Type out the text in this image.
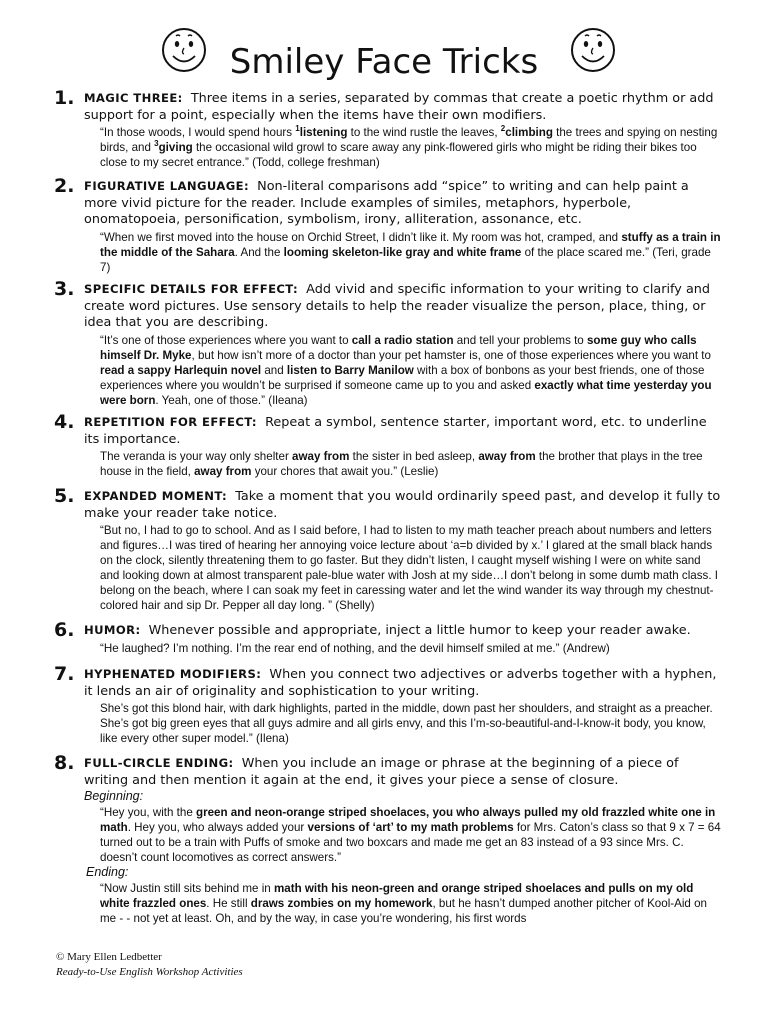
Smiley Face Tricks
1. MAGIC THREE: Three items in a series, separated by commas that create a poetic rhythm or add support for a point, especially when the items have their own modifiers.
“In those woods, I would spend hours $^1$listening to the wind rustle the leaves, $^2$climbing the trees and spying on nesting birds, and $^3$giving the occasional wild growl to scare away any pink-flowered girls who might be riding their bikes too close to my secret entrance.” (Todd, college freshman)
2. FIGURATIVE LANGUAGE: Non-literal comparisons add “spice” to writing and can help paint a more vivid picture for the reader. Include examples of similes, metaphors, hyperbole, onomatopoeia, personification, symbolism, irony, alliteration, assonance, etc.
“When we first moved into the house on Orchid Street, I didn’t like it. My room was hot, cramped, and stuffy as a train in the middle of the Sahara. And the looming skeleton-like gray and white frame of the place scared me.” (Teri, grade 7)
3. SPECIFIC DETAILS FOR EFFECT: Add vivid and specific information to your writing to clarify and create word pictures. Use sensory details to help the reader visualize the person, place, thing, or idea that you are describing.
“It’s one of those experiences where you want to call a radio station and tell your problems to some guy who calls himself Dr. Myke, but how isn’t more of a doctor than your pet hamster is, one of those experiences where you want to read a sappy Harlequin novel and listen to Barry Manilow with a box of bonbons as your best friends, one of those experiences where you wouldn’t be surprised if someone came up to you and asked exactly what time yesterday you were born. Yeah, one of those.” (Ileana)
4. REPETITION FOR EFFECT: Repeat a symbol, sentence starter, important word, etc. to underline its importance.
The veranda is your way only shelter away from the sister in bed asleep, away from the brother that plays in the tree house in the field, away from your chores that await you.” (Leslie)
5. EXPANDED MOMENT: Take a moment that you would ordinarily speed past, and develop it fully to make your reader take notice.
“But no, I had to go to school. And as I said before, I had to listen to my math teacher preach about numbers and letters and figures…I was tired of hearing her annoying voice lecture about ‘a=b divided by x.’ I glared at the small black hands on the clock, silently threatening them to go faster. But they didn’t listen, I caught myself wishing I were on white sand and looking down at almost transparent pale-blue water with Josh at my side…I don’t belong in some dumb math class. I belong on the beach, where I can soak my feet in caressing water and let the wind wander its way through my chestnut-colored hair and sip Dr. Pepper all day long. ” (Shelly)
6. HUMOR: Whenever possible and appropriate, inject a little humor to keep your reader awake.
“He laughed? I’m nothing. I’m the rear end of nothing, and the devil himself smiled at me.” (Andrew)
7. HYPHENATED MODIFIERS: When you connect two adjectives or adverbs together with a hyphen, it lends an air of originality and sophistication to your writing.
She’s got this blond hair, with dark highlights, parted in the middle, down past her shoulders, and straight as a preacher. She’s got big green eyes that all guys admire and all girls envy, and this I’m-so-beautiful-and-I-know-it body, you know, like every other super model.” (Ilena)
8. FULL-CIRCLE ENDING: When you include an image or phrase at the beginning of a piece of writing and then mention it again at the end, it gives your piece a sense of closure.
Beginning:
“Hey you, with the green and neon-orange striped shoelaces, you who always pulled my old frazzled white one in math. Hey you, who always added your versions of ‘art’ to my math problems for Mrs. Caton’s class so that 9 x 7 = 64 turned out to be a train with Puffs of smoke and two boxcars and made me get an 83 instead of a 93 since Mrs. C. doesn’t count locomotives as correct answers.”
Ending:
“Now Justin still sits behind me in math with his neon-green and orange striped shoelaces and pulls on my old white frazzled ones. He still draws zombies on my homework, but he hasn’t dumped another pitcher of Kool-Aid on me - - not yet at least. Oh, and by the way, in case you’re wondering, his first words
© Mary Ellen Ledbetter
Ready-to-Use English Workshop Activities
